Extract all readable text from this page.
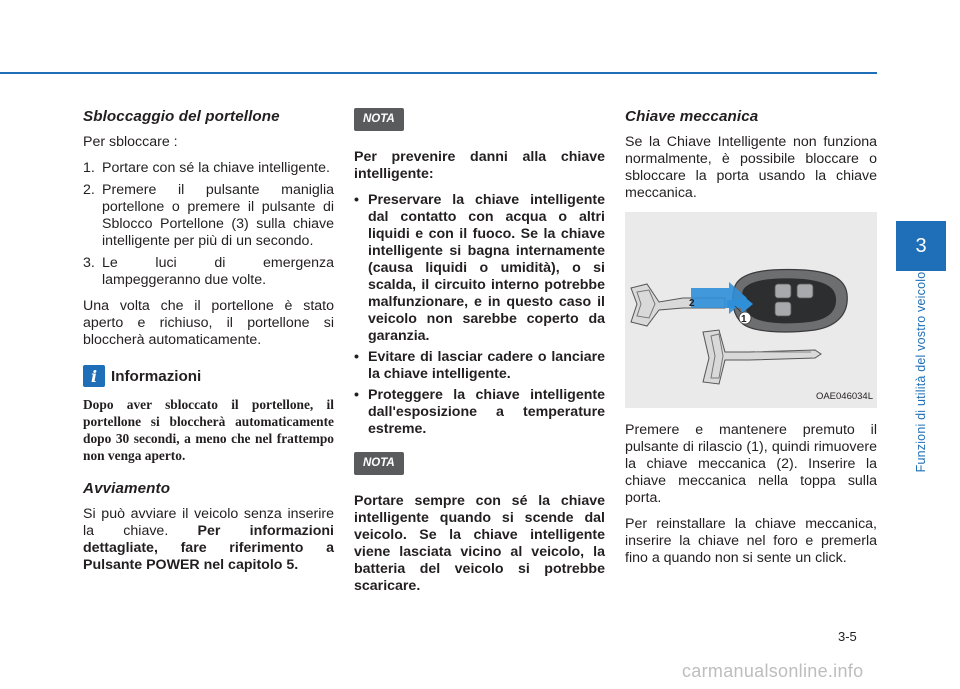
Sbloccaggio del portellone

Per sbloccare :

1. Portare con sé la chiave intelligente.
2. Premere il pulsante maniglia portellone o premere il pulsante di Sblocco Portellone (3) sulla chiave intelligente per più di un secondo.
3. Le luci di emergenza lampeggeranno due volte.

Una volta che il portellone è stato aperto e richiuso, il portellone si bloccherà automaticamente.

i Informazioni

Dopo aver sbloccato il portellone, il portellone si bloccherà automaticamente dopo 30 secondi, a meno che nel frattempo non venga aperto.

Avviamento

Si può avviare il veicolo senza inserire la chiave. Per informazioni dettagliate, fare riferimento a Pulsante POWER nel capitolo 5.

NOTA

Per prevenire danni alla chiave intelligente:

• Preservare la chiave intelligente dal contatto con acqua o altri liquidi e con il fuoco. Se la chiave intelligente si bagna internamente (causa liquidi o umidità), o si scalda, il circuito interno potrebbe malfunzionare, e in questo caso il veicolo non sarebbe coperto da garanzia.
• Evitare di lasciar cadere o lanciare la chiave intelligente.
• Proteggere la chiave intelligente dall'esposizione a temperature estreme.
NOTA

Portare sempre con sé la chiave intelligente quando si scende dal veicolo. Se la chiave intelligente viene lasciata vicino al veicolo, la batteria del veicolo si potrebbe scaricare.

Chiave meccanica

Se la Chiave Intelligente non funziona normalmente, è possibile bloccare o sbloccare la porta usando la chiave meccanica.

1
2
OAE046034L

Premere e mantenere premuto il pulsante di rilascio (1), quindi rimuovere la chiave meccanica (2). Inserire la chiave meccanica nella toppa sulla porta.

Per reinstallare la chiave meccanica, inserire la chiave nel foro e premerla fino a quando non si sente un click.

3
Funzioni di utilità del vostro veicolo
3-5
carmanualsonline.info
